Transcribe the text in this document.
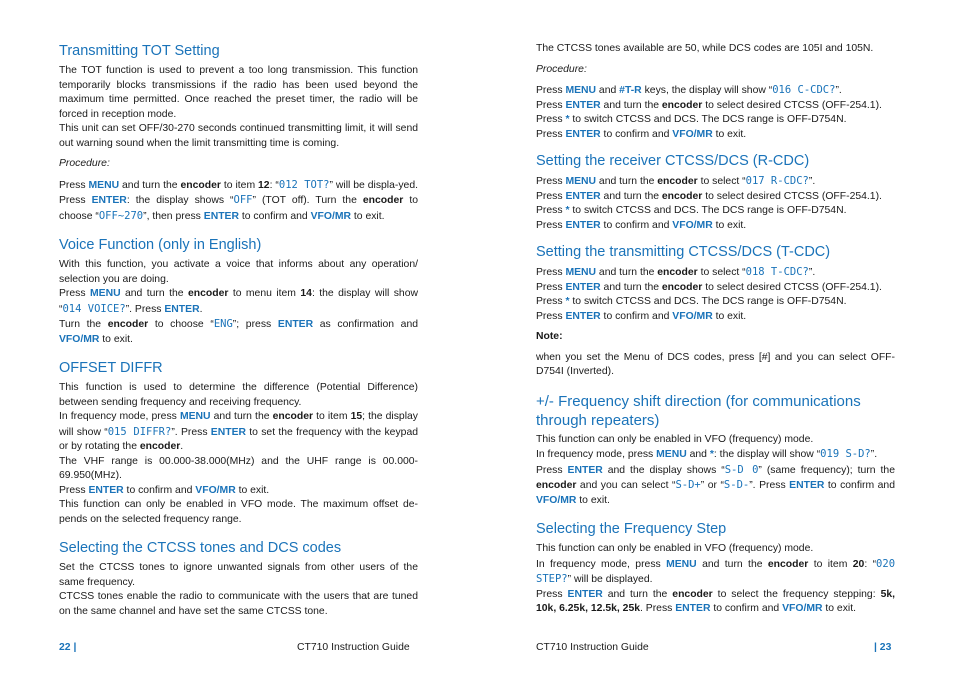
Transmitting TOT Setting

The TOT function is used to prevent a too long transmission. This function temporarily blocks transmissions if the radio has been used beyond the maximum time permitted. Once reached the preset timer, the radio will be forced in reception mode.

This unit can set OFF/30-270 seconds continued transmitting limit, it will send out warning sound when the limit transmitting time is coming.

Procedure:

Press MENU and turn the encoder to item 12: “012 TOT?” will be displa-yed. Press ENTER: the display shows “OFF” (TOT off). Turn the encoder to choose “OFF~270”, then press ENTER to confirm and VFO/MR to exit.

Voice Function (only in English)

With this function, you activate a voice that informs about any operation/ selection you are doing.

Press MENU and turn the encoder to menu item 14: the display will show “014 VOICE?”. Press ENTER.

Turn the encoder to choose “ENG”; press ENTER as confirmation and VFO/MR to exit.

OFFSET DIFFR

This function is used to determine the difference (Potential Difference) between sending frequency and receiving frequency.

In frequency mode, press MENU and turn the encoder to item 15; the display will show “015 DIFFR?”. Press ENTER to set the frequency with the keypad or by rotating the encoder.

The VHF range is 00.000-38.000(MHz) and the UHF range is 00.000-69.950(MHz).

Press ENTER to confirm and VFO/MR to exit.

This function can only be enabled in VFO mode. The maximum offset de-pends on the selected frequency range.

Selecting the CTCSS tones and DCS codes

Set the CTCSS tones to ignore unwanted signals from other users of the same frequency.

CTCSS tones enable the radio to communicate with the users that are tuned on the same channel and have set the same CTCSS tone.

22 |	CT710 Instruction Guide

The CTCSS tones available are 50, while DCS codes are 105I and 105N.

Procedure:

Press MENU and #T-R keys, the display will show “016 C-CDC?”.

Press ENTER and turn the encoder to select desired CTCSS (OFF-254.1).

Press * to switch CTCSS and DCS. The DCS range is OFF-D754N.

Press ENTER to confirm and VFO/MR to exit.

Setting the receiver CTCSS/DCS (R-CDC)

Press MENU and turn the encoder to select “017 R-CDC?”.

Press ENTER and turn the encoder to select desired CTCSS (OFF-254.1).

Press * to switch CTCSS and DCS. The DCS range is OFF-D754N.

Press ENTER to confirm and VFO/MR to exit.

Setting the transmitting CTCSS/DCS (T-CDC)

Press MENU and turn the encoder to select “018 T-CDC?”.

Press ENTER and turn the encoder to select desired CTCSS (OFF-254.1).

Press * to switch CTCSS and DCS. The DCS range is OFF-D754N.

Press ENTER to confirm and VFO/MR to exit.

Note:

when you set the Menu of DCS codes, press [#] and you can select OFF-D754I (Inverted).

+/- Frequency shift direction (for communications through repeaters)

This function can only be enabled in VFO (frequency) mode.

In frequency mode, press MENU and *: the display will show “019 S-D?”.

Press ENTER and the display shows “S-D 0” (same frequency); turn the encoder and you can select “S-D+” or “S-D-”. Press ENTER to confirm and VFO/MR to exit.

Selecting the Frequency Step

This function can only be enabled in VFO (frequency) mode.

In frequency mode, press MENU and turn the encoder to item 20: “020 STEP?” will be displayed.

Press ENTER and turn the encoder to select the frequency stepping: 5k, 10k, 6.25k, 12.5k, 25k. Press ENTER to confirm and VFO/MR to exit.

CT710 Instruction Guide	| 23
